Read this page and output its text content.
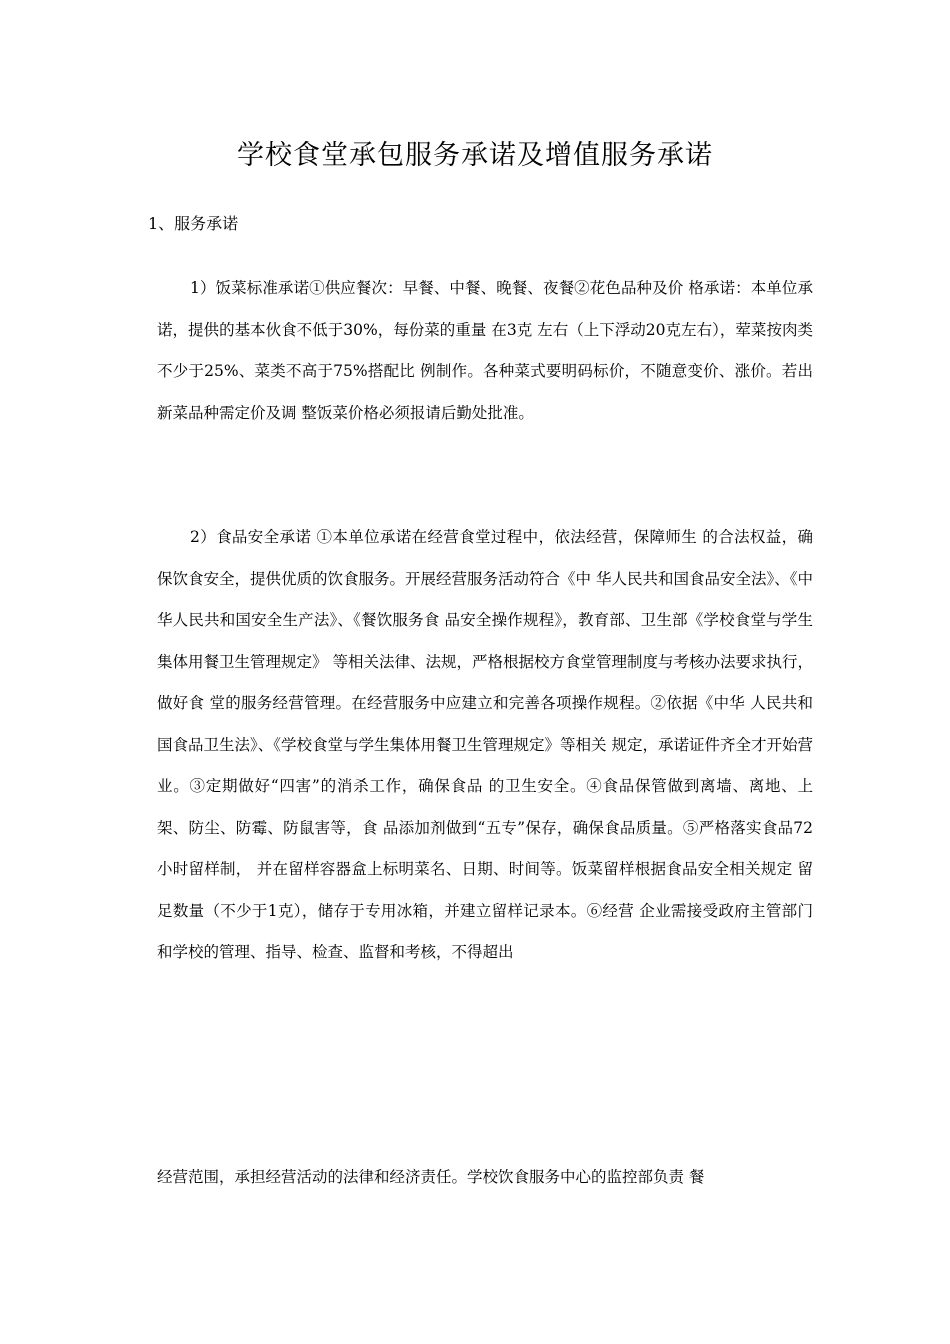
学校食堂承包服务承诺及增值服务承诺

1、服务承诺

1）饭菜标准承诺①供应餐次：早餐、中餐、晚餐、夜餐②花色品种及价 格承诺：本单位承诺，提供的基本伙食不低于30%，每份菜的重量 在3克 左右（上下浮动20克左右），荤菜按肉类不少于25%、菜类不高于75%搭配比 例制作。各种菜式要明码标价，不随意变价、涨价。若出新菜品种需定价及调 整饭菜价格必须报请后勤处批准。

2）食品安全承诺 ①本单位承诺在经营食堂过程中，依法经营，保障师生 的合法权益，确保饮食安全，提供优质的饮食服务。开展经营服务活动符合《中 华人民共和国食品安全法》、《中华人民共和国安全生产法》、《餐饮服务食 品安全操作规程》，教育部、卫生部《学校食堂与学生集体用餐卫生管理规定》 等相关法律、法规，严格根据校方食堂管理制度与考核办法要求执行，做好食 堂的服务经营管理。在经营服务中应建立和完善各项操作规程。②依据《中华 人民共和国食品卫生法》、《学校食堂与学生集体用餐卫生管理规定》等相关 规定，承诺证件齐全才开始营业。③定期做好“四害”的消杀工作，确保食品 的卫生安全。④食品保管做到离墙、离地、上架、防尘、防霉、防鼠害等，食 品添加剂做到“五专”保存，确保食品质量。⑤严格落实食品72小时留样制， 并在留样容器盒上标明菜名、日期、时间等。饭菜留样根据食品安全相关规定 留足数量（不少于1克），储存于专用冰箱，并建立留样记录本。⑥经营 企业需接受政府主管部门和学校的管理、指导、检查、监督和考核，不得超出

经营范围，承担经营活动的法律和经济责任。学校饮食服务中心的监控部负责 餐
